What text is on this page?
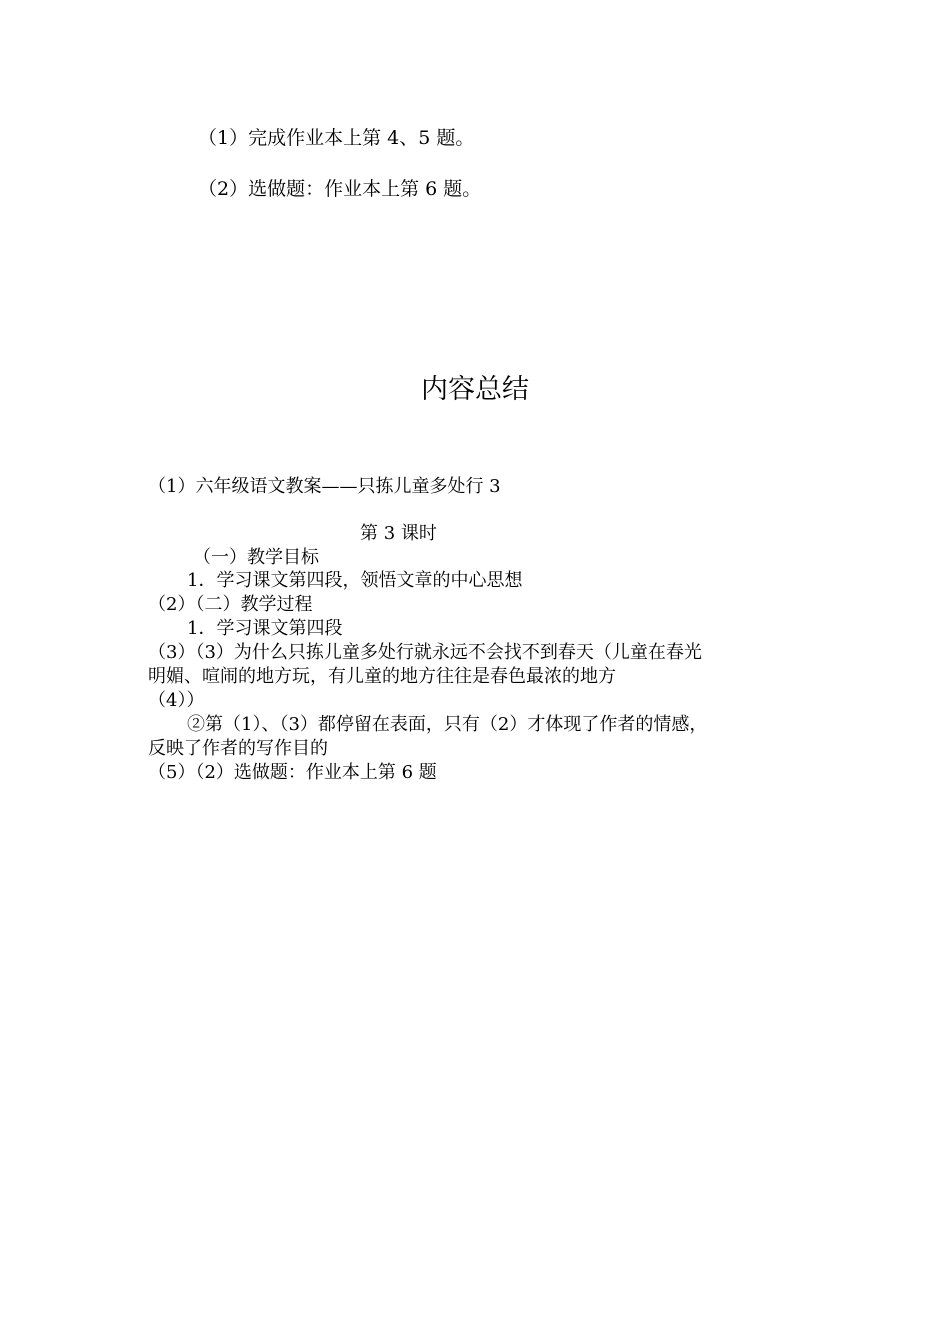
（1）完成作业本上第 4、5 题。
（2）选做题：作业本上第 6 题。
内容总结
（1）六年级语文教案——只拣儿童多处行 3
第 3 课时
（一）教学目标
1．学习课文第四段，领悟文章的中心思想
（2）（二）教学过程
1．学习课文第四段
（3）（3）为什么只拣儿童多处行就永远不会找不到春天（儿童在春光
明媚、喧闹的地方玩，有儿童的地方往往是春色最浓的地方
（4））
②第（1）、（3）都停留在表面，只有（2）才体现了作者的情感，
反映了作者的写作目的
（5）（2）选做题：作业本上第 6 题
